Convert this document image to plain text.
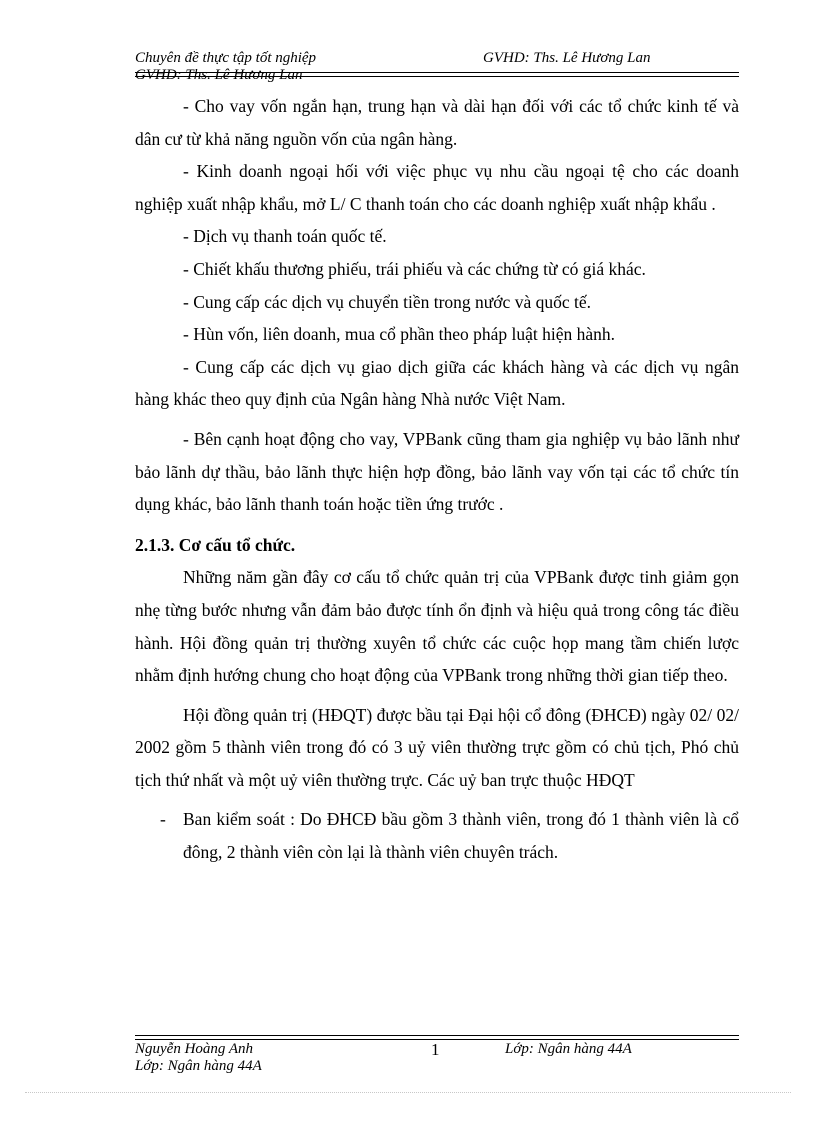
Chuyên đề thực tập tốt nghiệp	GVHD: Ths. Lê Hương Lan
GVHD: Ths. Lê Hương Lan

- Cho vay vốn ngắn hạn, trung hạn và dài hạn đối với các tổ chức kinh tế và dân cư từ khả năng nguồn vốn của ngân hàng.

- Kinh doanh ngoại hối với việc phục vụ nhu cầu ngoại tệ cho các doanh nghiệp xuất nhập khẩu, mở L/ C thanh toán cho các doanh nghiệp xuất nhập khẩu .

- Dịch vụ thanh toán quốc tế.

- Chiết khấu thương phiếu, trái phiếu và các chứng từ có giá khác.

- Cung cấp các dịch vụ chuyển tiền trong nước và quốc tế.

- Hùn vốn, liên doanh, mua cổ phần theo pháp luật hiện hành.

- Cung cấp các dịch vụ giao dịch giữa các khách hàng và các dịch vụ ngân hàng khác theo quy định của Ngân hàng Nhà nước Việt Nam.

- Bên cạnh hoạt động cho vay, VPBank cũng tham gia nghiệp vụ bảo lãnh như bảo lãnh dự thầu, bảo lãnh thực hiện hợp đồng, bảo lãnh vay vốn tại các tổ chức tín dụng khác, bảo lãnh thanh toán hoặc tiền ứng trước .

2.1.3. Cơ cấu tổ chức.

Những năm gần đây cơ cấu tổ chức quản trị của VPBank được tinh giảm gọn nhẹ từng bước nhưng vẫn đảm bảo được tính ổn định và hiệu quả trong công tác điều hành. Hội đồng quản trị thường xuyên tổ chức các cuộc họp mang tầm chiến lược nhằm định hướng chung cho hoạt động của VPBank trong những thời gian tiếp theo.

Hội đồng quản trị (HĐQT) được bầu tại Đại hội cổ đông (ĐHCĐ) ngày 02/ 02/ 2002 gồm 5 thành viên trong đó có 3 uỷ viên thường trực gồm có chủ tịch, Phó chủ tịch thứ nhất và một uỷ viên thường trực. Các uỷ ban trực thuộc HĐQT

- Ban kiểm soát : Do ĐHCĐ bầu gồm 3 thành viên, trong đó 1 thành viên là cổ đông, 2 thành viên còn lại là thành viên chuyên trách.
Nguyễn Hoàng Anh
Lớp: Ngân hàng 44A
1	Lớp: Ngân hàng 44A
